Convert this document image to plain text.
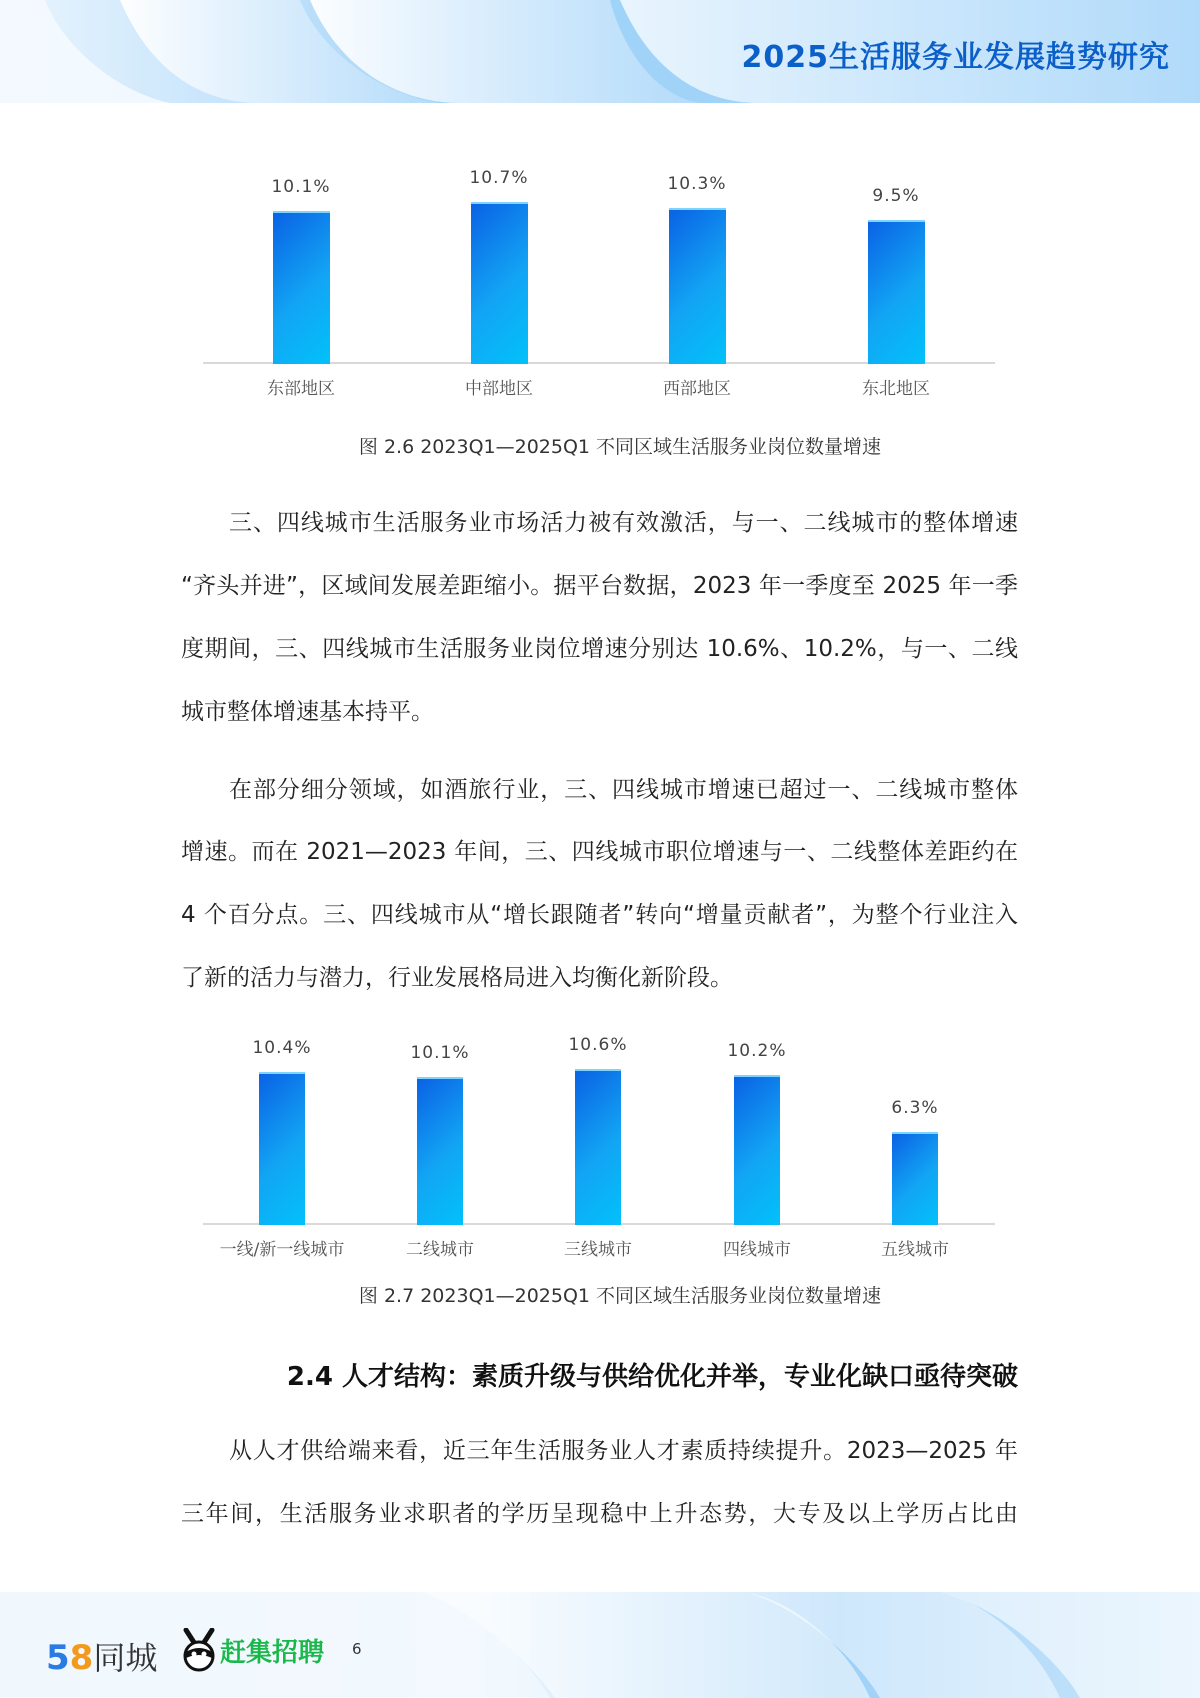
2025生活服务业发展趋势研究
10.1%
东部地区
10.7%
中部地区
10.3%
西部地区
9.5%
东北地区
图 2.6 2023Q1—2025Q1 不同区域生活服务业岗位数量增速
三、四线城市生活服务业市场活力被有效激活，与一、二线城市的整体增速
“齐头并进”，区域间发展差距缩小。据平台数据，2023 年一季度至 2025 年一季
度期间，三、四线城市生活服务业岗位增速分别达 10.6%、10.2%，与一、二线
城市整体增速基本持平。
在部分细分领域，如酒旅行业，三、四线城市增速已超过一、二线城市整体
增速。而在 2021—2023 年间，三、四线城市职位增速与一、二线整体差距约在
4 个百分点。三、四线城市从“增长跟随者”转向“增量贡献者”，为整个行业注入
了新的活力与潜力，行业发展格局进入均衡化新阶段。
10.4%
一线/新一线城市
10.1%
二线城市
10.6%
三线城市
10.2%
四线城市
6.3%
五线城市
图 2.7 2023Q1—2025Q1 不同区域生活服务业岗位数量增速
2.4 人才结构：素质升级与供给优化并举，专业化缺口亟待突破
从人才供给端来看，近三年生活服务业人才素质持续提升。2023—2025 年
三年间，生活服务业求职者的学历呈现稳中上升态势，大专及以上学历占比由
58同城 赶集招聘 6
